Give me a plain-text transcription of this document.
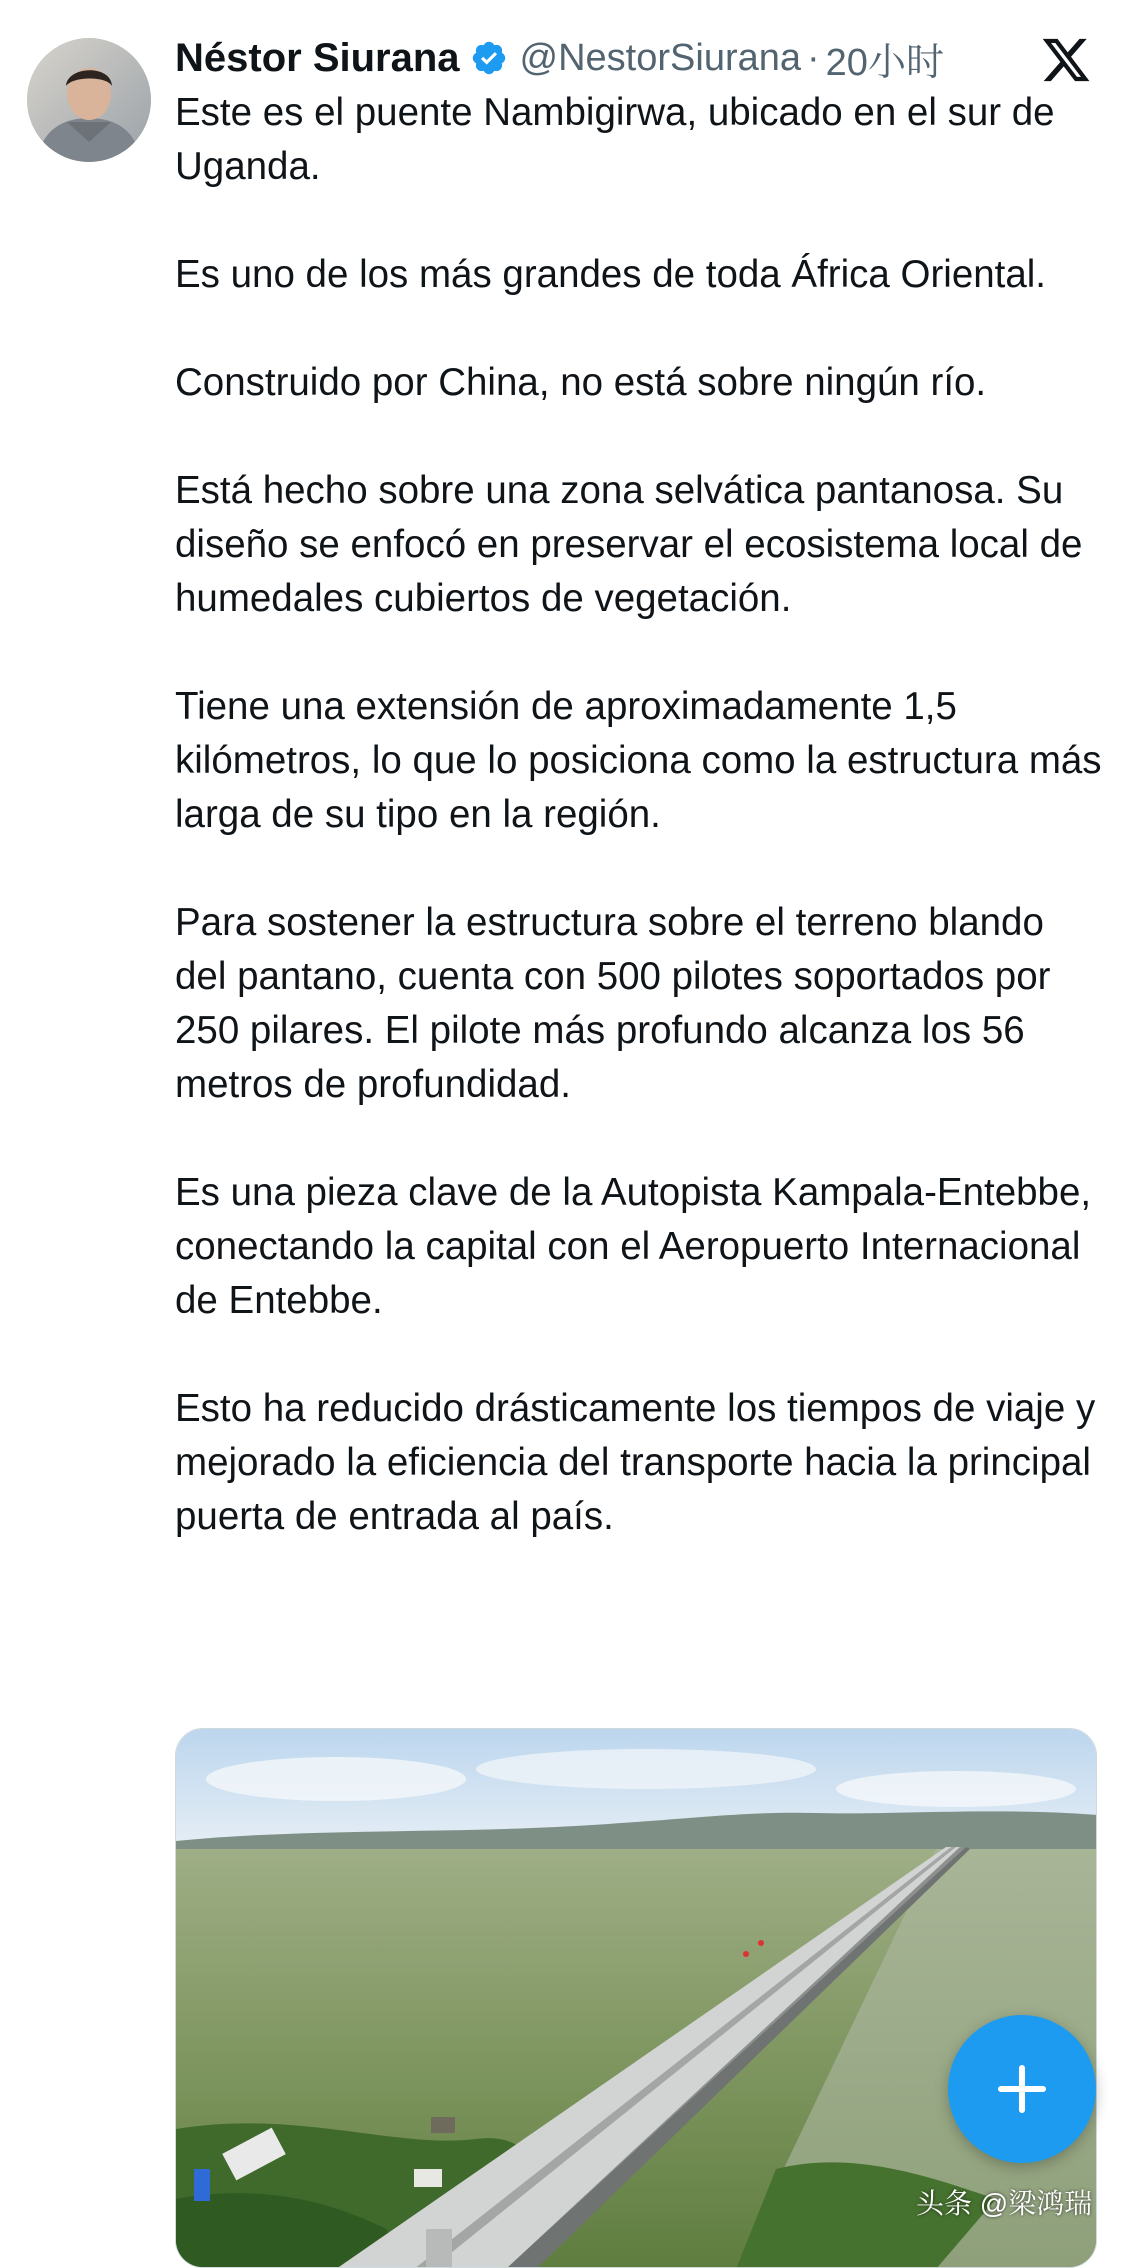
Néstor Siurana @NestorSiurana · 20小时

Este es el puente Nambigirwa, ubicado en el sur de Uganda.

Es uno de los más grandes de toda África Oriental.

Construido por China, no está sobre ningún río.

Está hecho sobre una zona selvática pantanosa. Su diseño se enfocó en preservar el ecosistema local de humedales cubiertos de vegetación.

Tiene una extensión de aproximadamente 1,5 kilómetros, lo que lo posiciona como la estructura más larga de su tipo en la región.

Para sostener la estructura sobre el terreno blando del pantano, cuenta con 500 pilotes soportados por 250 pilares. El pilote más profundo alcanza los 56 metros de profundidad.

Es una pieza clave de la Autopista Kampala-Entebbe, conectando la capital con el Aeropuerto Internacional de Entebbe.

Esto ha reducido drásticamente los tiempos de viaje y mejorado la eficiencia del transporte hacia la principal puerta de entrada al país.

头条 @梁鸿瑞
